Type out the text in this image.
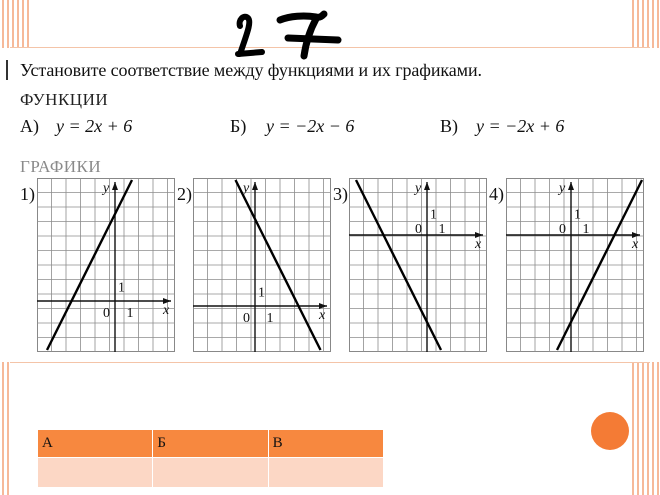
Установите соответствие между функциями и их графиками.
ФУНКЦИИ
А) y = 2x + 6	Б) y = −2x − 6	В) y = −2x + 6
ГРАФИКИ
1)	2)	3)	4)
x
y
0 1
1
x
y
0 1
1
x
y
0 1
1
x
y
0 1
1
А	Б	В
